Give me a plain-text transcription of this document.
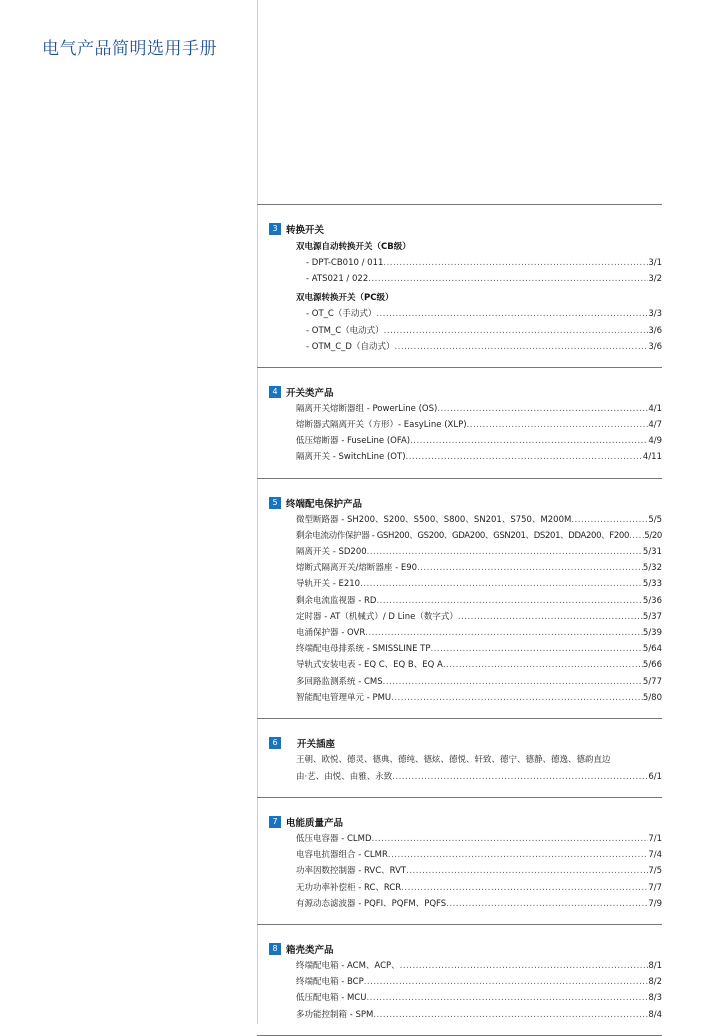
电气产品简明选用手册
3 转换开关
双电源自动转换开关（CB级）
- DPT-CB010 / 011 .....	3/1
- ATS021 / 022 .....	3/2
双电源转换开关（PC级）
- OT_C（手动式） .....	3/3
- OTM_C（电动式） .....	3/6
- OTM_C_D（自动式） .....	3/6
4 开关类产品
隔离开关熔断器组 - PowerLine (OS) .....	4/1
熔断器式隔离开关（方形）- EasyLine (XLP) .....	4/7
低压熔断器 - FuseLine (OFA) .....	4/9
隔离开关 - SwitchLine (OT) .....	4/11
5 终端配电保护产品
微型断路器 - SH200、S200、S500、S800、SN201、S750、M200M .....	5/5
剩余电流动作保护器 - GSH200、GS200、GDA200、GSN201、DS201、DDA200、F200 ..... 5/20
隔离开关 - SD200 .....	5/31
熔断式隔离开关/熔断器座 - E90 .....	5/32
导轨开关 - E210 .....	5/33
剩余电流监视器 - RD .....	5/36
定时器 - AT（机械式）/ D Line（数字式） .....	5/37
电涌保护器 - OVR .....	5/39
终端配电母排系统 - SMISSLINE TP .....	5/64
导轨式安装电表 - EQ C、EQ B、EQ A .....	5/66
多回路监测系统 - CMS .....	5/77
智能配电管理单元 - PMU .....	5/80
6	开关插座
王朝、欧悦、德灵、德典、德纯、德炫、德悦、轩致、德宁、德静、德逸、德韵直边
由·艺、由悦、由雅、永致 .....	6/1
7 电能质量产品
低压电容器 - CLMD .....	7/1
电容电抗器组合 - CLMR .....	7/4
功率因数控制器 - RVC、RVT .....	7/5
无功功率补偿柜 - RC、RCR .....	7/7
有源动态滤波器 - PQFI、PQFM、PQFS .....	7/9
8 箱壳类产品
终端配电箱 - ACM、ACP、 .....	8/1
终端配电箱 - BCP .....	8/2
低压配电箱 - MCU .....	8/3
多功能控制箱 - SPM .....	8/4
